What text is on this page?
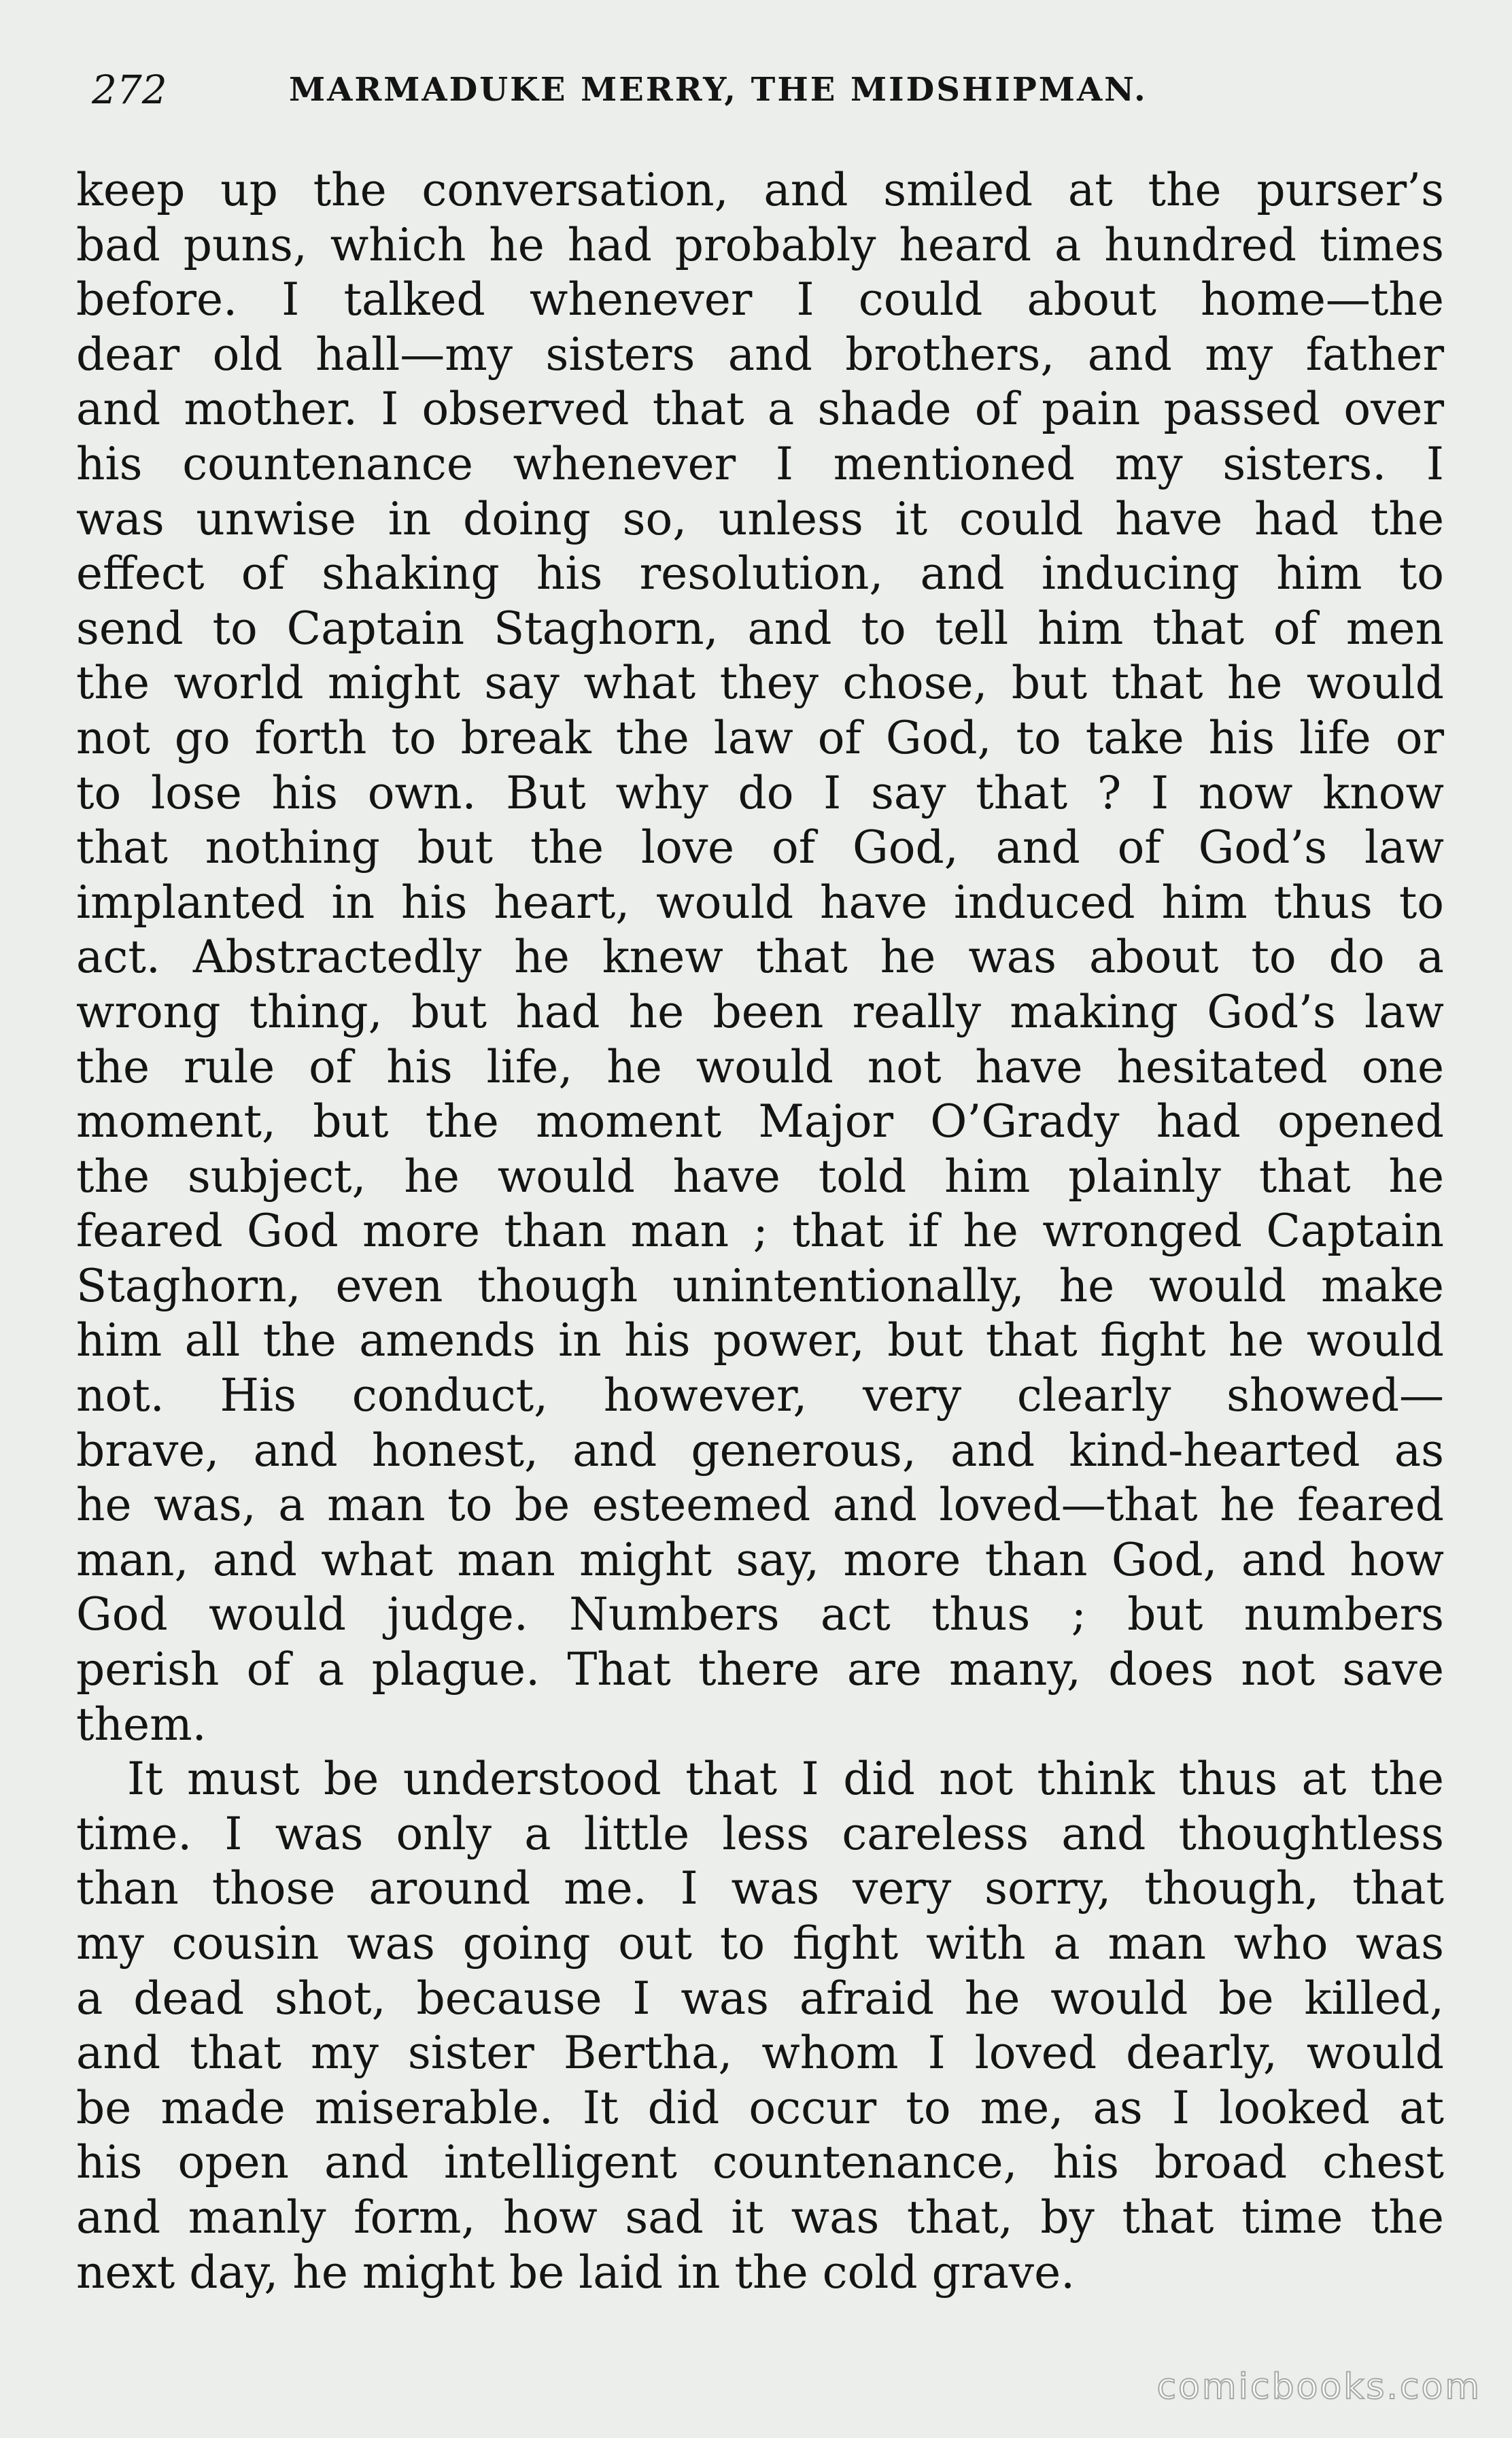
272	MARMADUKE MERRY, THE MIDSHIPMAN.
keep up the conversation, and smiled at the purser’s
bad puns, which he had probably heard a hundred times
before. I talked whenever I could about home—the
dear old hall—my sisters and brothers, and my father
and mother. I observed that a shade of pain passed over
his countenance whenever I mentioned my sisters. I
was unwise in doing so, unless it could have had the
effect of shaking his resolution, and inducing him to
send to Captain Staghorn, and to tell him that of men
the world might say what they chose, but that he would
not go forth to break the law of God, to take his life or
to lose his own. But why do I say that ? I now know
that nothing but the love of God, and of God’s law
implanted in his heart, would have induced him thus to
act. Abstractedly he knew that he was about to do a
wrong thing, but had he been really making God’s law
the rule of his life, he would not have hesitated one
moment, but the moment Major O’Grady had opened
the subject, he would have told him plainly that he
feared God more than man ; that if he wronged Captain
Staghorn, even though unintentionally, he would make
him all the amends in his power, but that fight he would
not. His conduct, however, very clearly showed—
brave, and honest, and generous, and kind-hearted as
he was, a man to be esteemed and loved—that he feared
man, and what man might say, more than God, and how
God would judge. Numbers act thus ; but numbers
perish of a plague. That there are many, does not save
them.
It must be understood that I did not think thus at the
time. I was only a little less careless and thoughtless
than those around me. I was very sorry, though, that
my cousin was going out to fight with a man who was
a dead shot, because I was afraid he would be killed,
and that my sister Bertha, whom I loved dearly, would
be made miserable. It did occur to me, as I looked at
his open and intelligent countenance, his broad chest
and manly form, how sad it was that, by that time the
next day, he might be laid in the cold grave.
comicbooks.com
